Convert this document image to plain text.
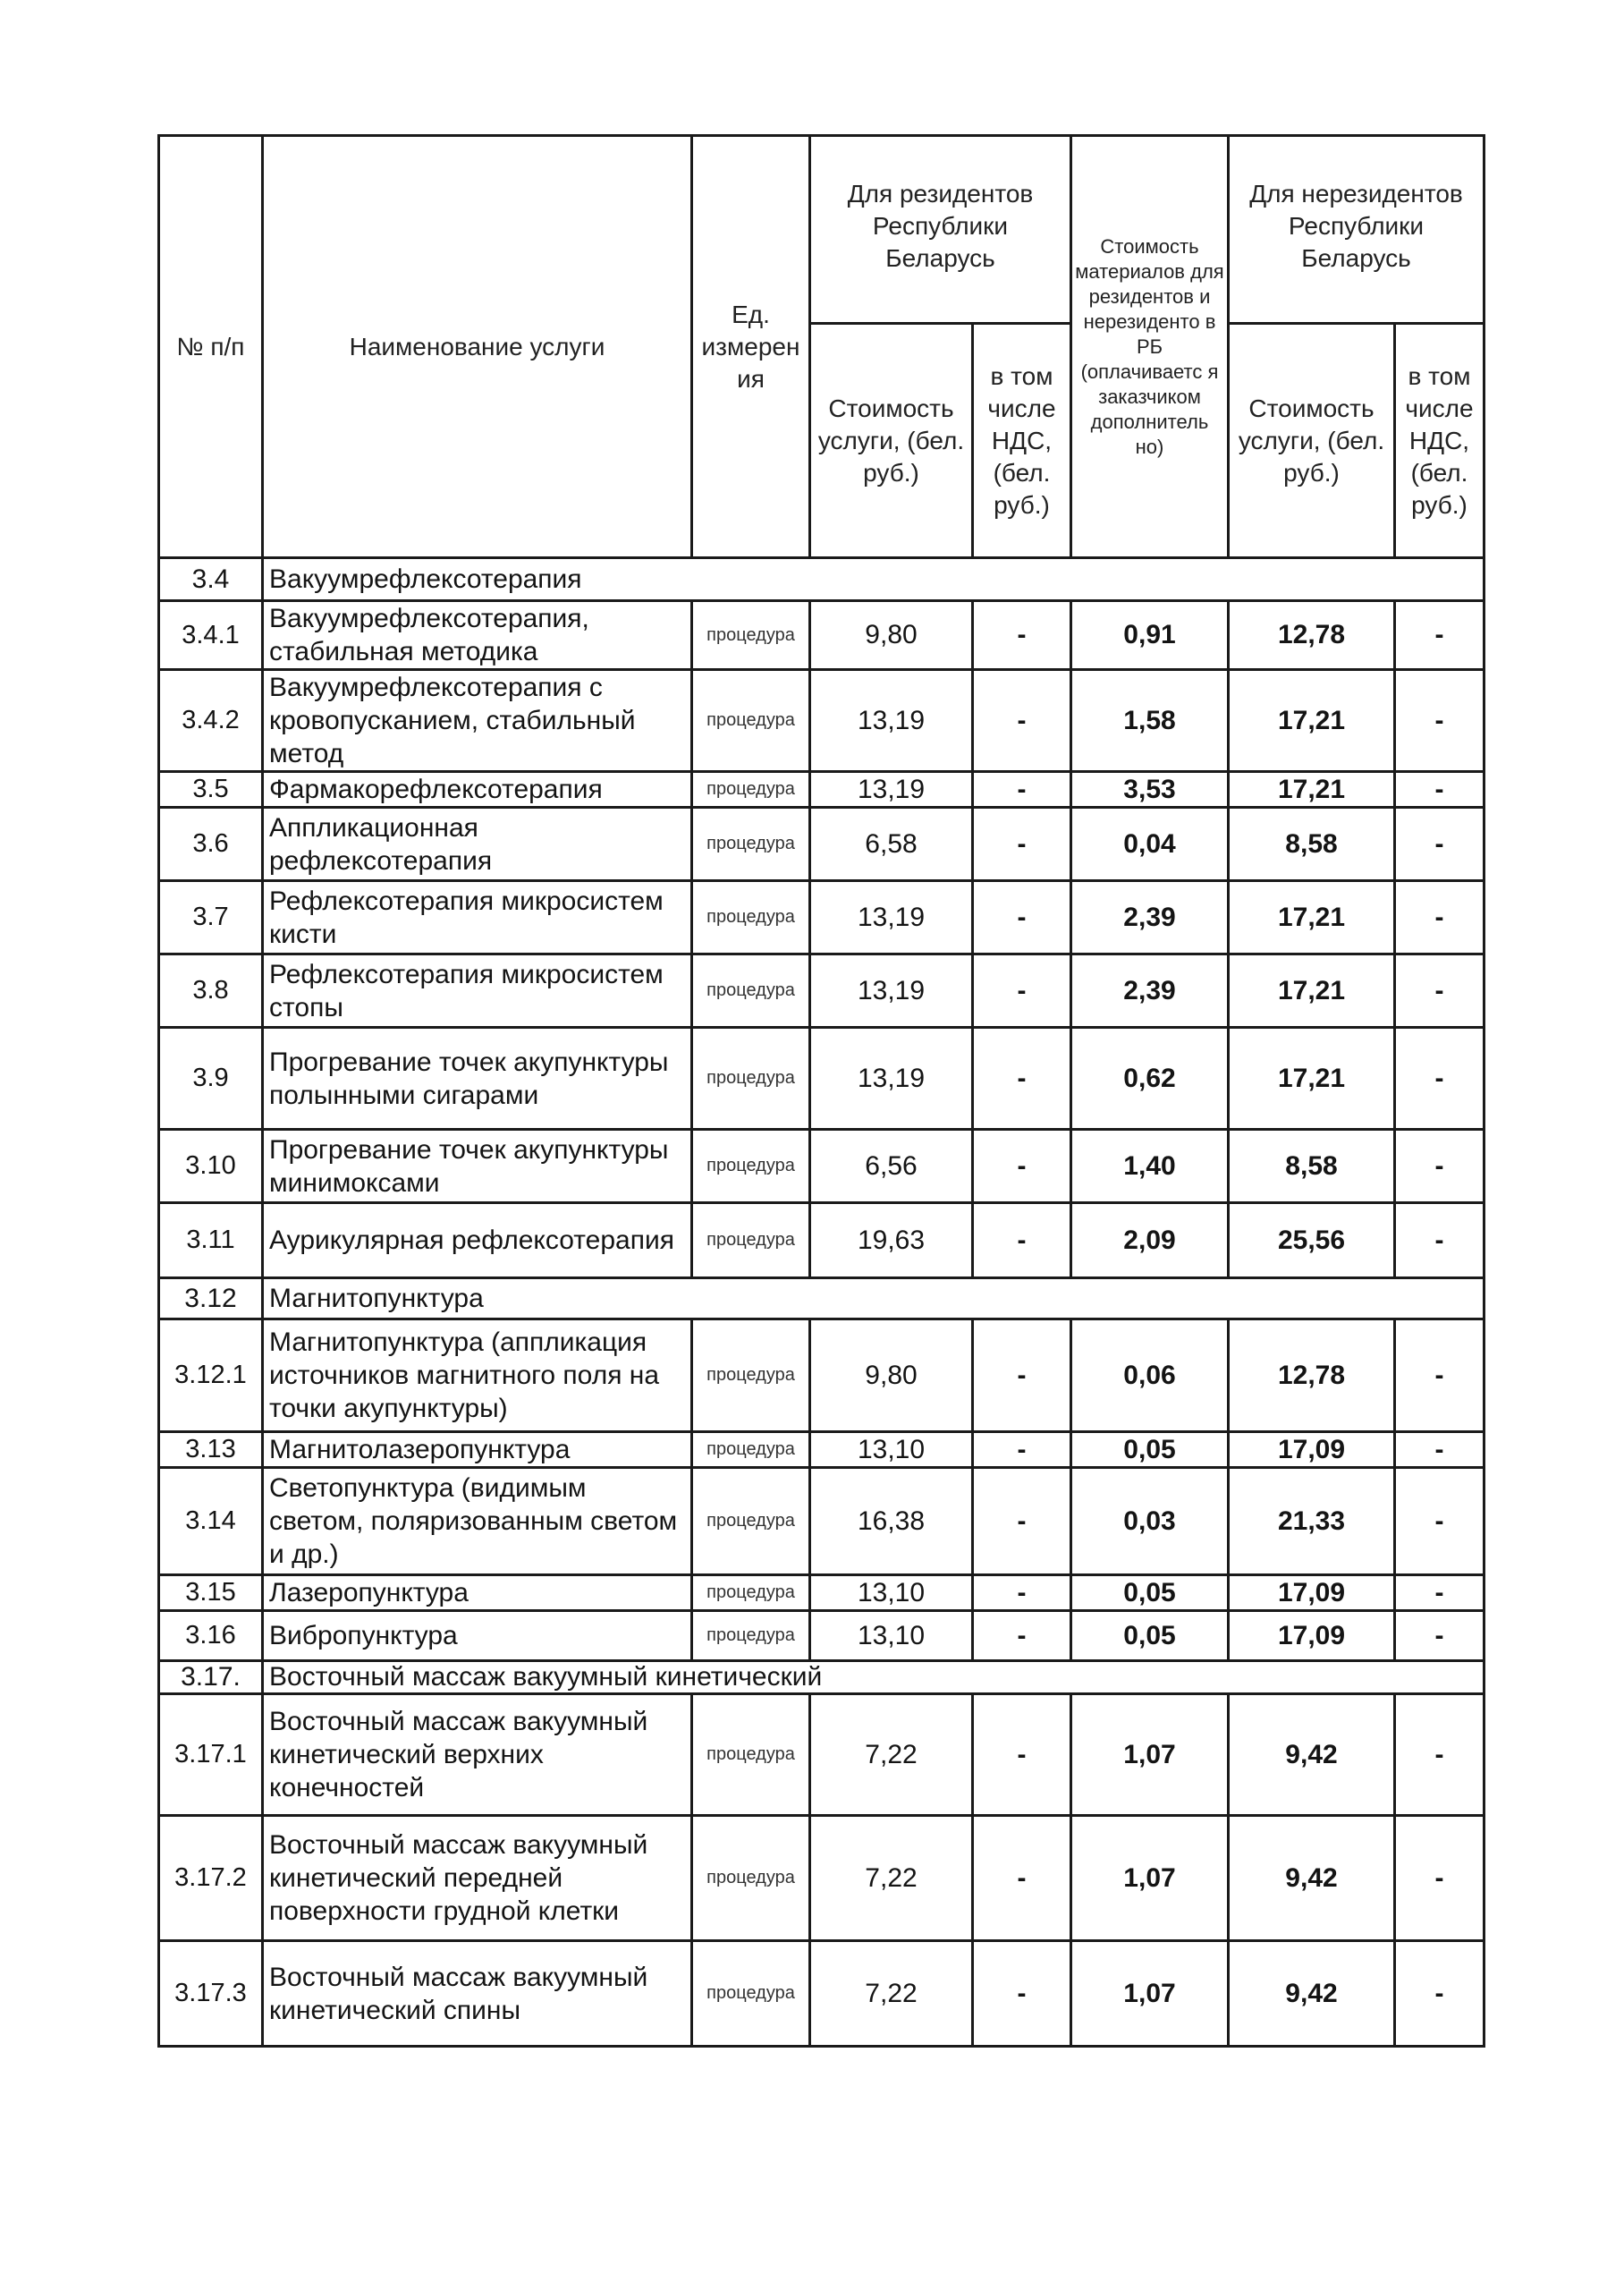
№ п/п	Наименование услуги	Ед. измерен ия	Для резидентов Республики Беларусь		Стоимость материалов для резидентов и нерезиденто в РБ (оплачиваетс я заказчиком дополнитель но)	Для нерезидентов Республики Беларусь	
			Стоимость услуги, (бел. руб.)	в том числе НДС, (бел. руб.)		Стоимость услуги, (бел. руб.)	в том числе НДС, (бел. руб.)
3.4	Вакуумрефлексотерапия						
3.4.1	Вакуумрефлексотерапия, стабильная методика	процедура	9,80	-	0,91	12,78	-
3.4.2	Вакуумрефлексотерапия с кровопусканием, стабильный метод	процедура	13,19	-	1,58	17,21	-
3.5	Фармакорефлексотерапия	процедура	13,19	-	3,53	17,21	-
3.6	Аппликационная рефлексотерапия	процедура	6,58	-	0,04	8,58	-
3.7	Рефлексотерапия микросистем кисти	процедура	13,19	-	2,39	17,21	-
3.8	Рефлексотерапия микросистем стопы	процедура	13,19	-	2,39	17,21	-
3.9	Прогревание точек акупунктуры полынными сигарами	процедура	13,19	-	0,62	17,21	-
3.10	Прогревание точек акупунктуры минимоксами	процедура	6,56	-	1,40	8,58	-
3.11	Аурикулярная рефлексотерапия	процедура	19,63	-	2,09	25,56	-
3.12	Магнитопунктура						
3.12.1	Магнитопунктура (аппликация источников магнитного поля на точки акупунктуры)	процедура	9,80	-	0,06	12,78	-
3.13	Магнитолазеропунктура	процедура	13,10	-	0,05	17,09	-
3.14	Светопунктура (видимым светом, поляризованным светом и др.)	процедура	16,38	-	0,03	21,33	-
3.15	Лазеропунктура	процедура	13,10	-	0,05	17,09	-
3.16	Вибропунктура	процедура	13,10	-	0,05	17,09	-
3.17.	Восточный массаж вакуумный кинетический						
3.17.1	Восточный массаж вакуумный кинетический верхних конечностей	процедура	7,22	-	1,07	9,42	-
3.17.2	Восточный массаж вакуумный кинетический передней поверхности грудной клетки	процедура	7,22	-	1,07	9,42	-
3.17.3	Восточный массаж вакуумный кинетический спины	процедура	7,22	-	1,07	9,42	-
